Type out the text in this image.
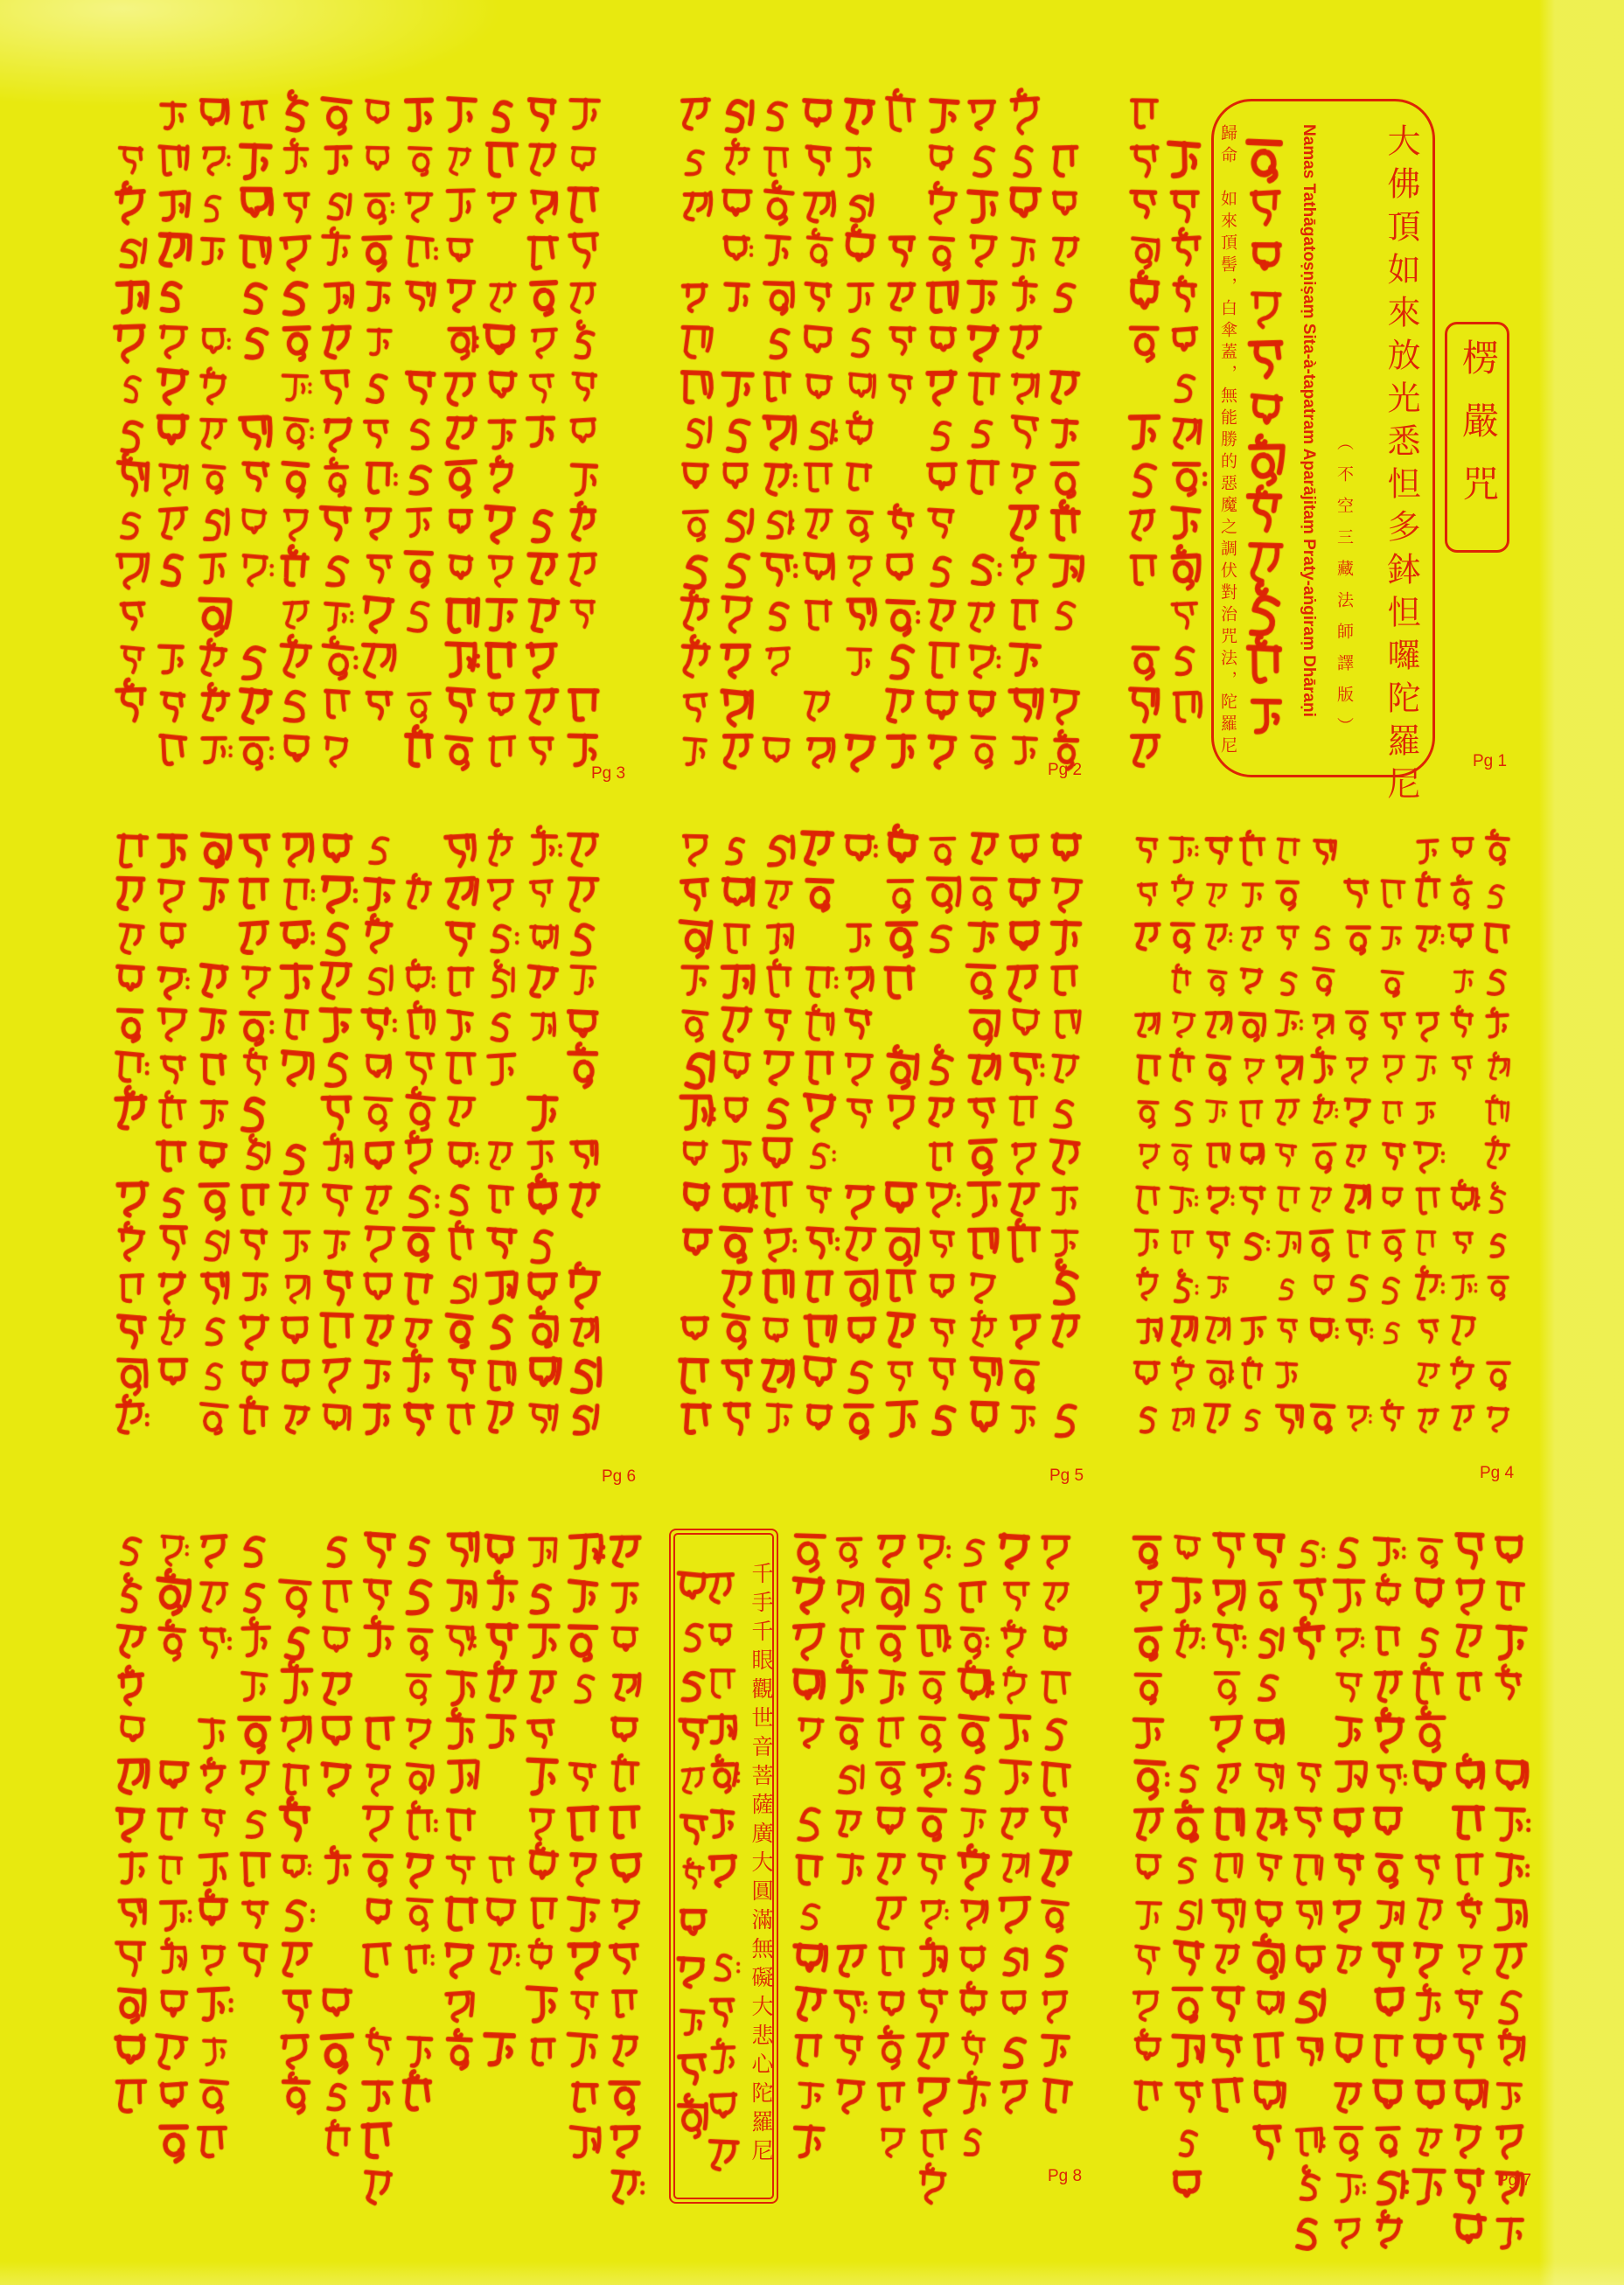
大佛頂如來放光悉怛多鉢怛囉陀羅尼
（不空三藏法師譯版）
Namas Tathāgatoṣṇiṣaṃ Sita-à-tapatram Aparājitaṃ Praty-aṅgiraṃ Dhāraṇi
歸命　如來頂髻，白傘蓋，無能勝的惡魔之調伏對治咒法，陀羅尼	楞嚴咒
千手千眼觀世音菩薩廣大圓滿無礙大悲心陀羅尼
Pg 1
Pg 2
Pg 3
Pg 4
Pg 5
Pg 6
Pg 7
Pg 8
